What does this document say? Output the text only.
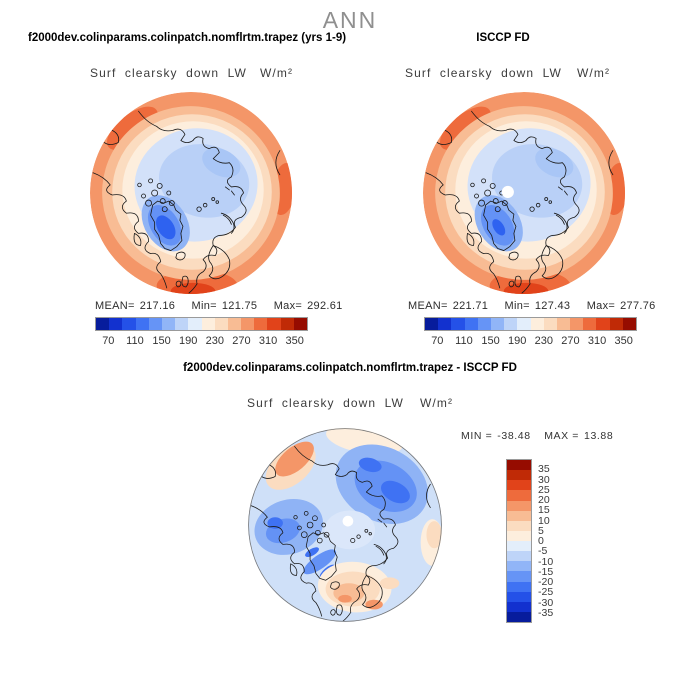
ANN
f2000dev.colinparams.colinpatch.nomflrtm.trapez (yrs 1-9)
Surf clearsky down LW W/m²
MEAN= 217.16 Min= 121.75 Max= 292.61
70 110 150 190 230 270 310 350
ISCCP FD
Surf clearsky down LW W/m²
MEAN= 221.71 Min= 127.43 Max= 277.76
70 110 150 190 230 270 310 350
f2000dev.colinparams.colinpatch.nomflrtm.trapez - ISCCP FD
Surf clearsky down LW W/m²
MIN = -38.48 MAX = 13.88
35
30
25
20
15
10
5
0
-5
-10
-15
-20
-25
-30
-35
